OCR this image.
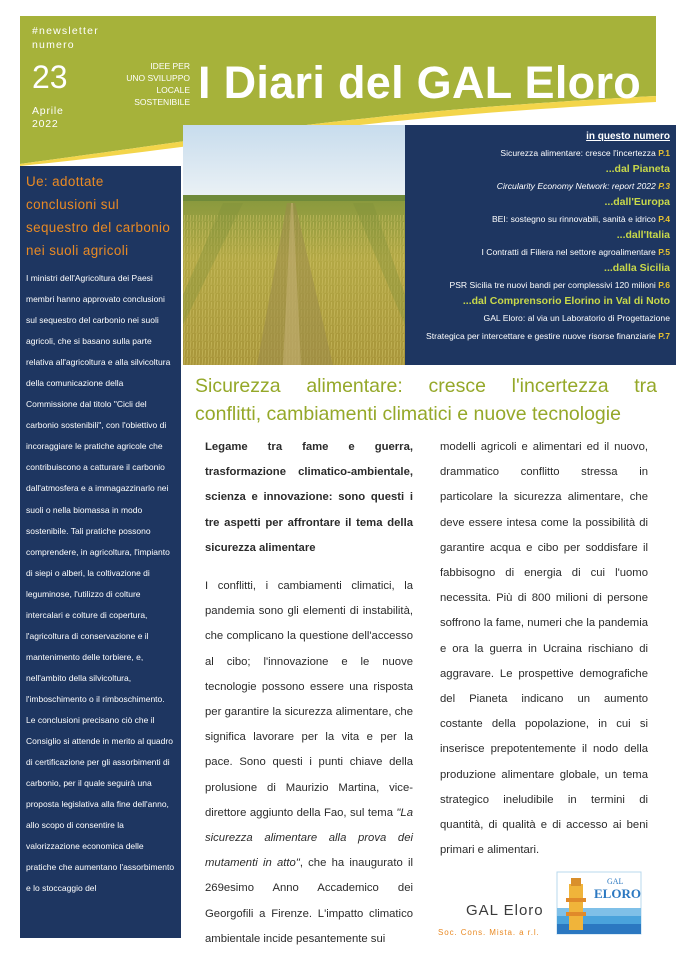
#newsletter
numero
23
Aprile
2022
IDEE PER
UNO SVILUPPO LOCALE
SOSTENIBILE I Diari del GAL Eloro
in questo numero
Sicurezza alimentare: cresce l'incertezza P.1
...dal Pianeta
Circularity Economy Network: report 2022 P.3
...dall'Europa
BEI: sostegno su rinnovabili, sanità e idrico P.4
...dall'Italia
I Contratti di Filiera nel settore agroalimentare P.5
...dalla Sicilia
PSR Sicilia tre nuovi bandi per complessivi 120 milioni P.6
...dal Comprensorio Elorino in Val di Noto
GAL Eloro: al via un Laboratorio di Progettazione
Strategica per intercettare e gestire nuove risorse finanziarie P.7
Ue: adottate conclusioni sul sequestro del carbonio nei suoli agricoli
I ministri dell'Agricoltura dei Paesi membri hanno approvato conclusioni sul sequestro del carbonio nei suoli agricoli, che si basano sulla parte relativa all'agricoltura e alla silvicoltura della comunicazione della Commissione dal titolo "Cicli del carbonio sostenibili", con l'obiettivo di incoraggiare le pratiche agricole che contribuiscono a catturare il carbonio dall'atmosfera e a immagazzinarlo nei suoli o nella biomassa in modo sostenibile. Tali pratiche possono comprendere, in agricoltura, l'impianto di siepi o alberi, la coltivazione di leguminose, l'utilizzo di colture intercalari e colture di copertura, l'agricoltura di conservazione e il mantenimento delle torbiere, e, nell'ambito della silvicoltura, l'imboschimento o il rimboschimento. Le conclusioni precisano ciò che il Consiglio si attende in merito al quadro di certificazione per gli assorbimenti di carbonio, per il quale seguirà una proposta legislativa alla fine dell'anno, allo scopo di consentire la valorizzazione economica delle pratiche che aumentano l'assorbimento e lo stoccaggio del
Sicurezza alimentare: cresce l'incertezza tra
conflitti, cambiamenti climatici e nuove tecnologie
Legame tra fame e guerra, trasformazione climatico-ambientale, scienza e innovazione: sono questi i tre aspetti per affrontare il tema della sicurezza alimentare
I conflitti, i cambiamenti climatici, la pandemia sono gli elementi di instabilità, che complicano la questione dell'accesso al cibo; l'innovazione e le nuove tecnologie possono essere una risposta per garantire la sicurezza alimentare, che significa lavorare per la vita e per la pace. Sono questi i punti chiave della prolusione di Maurizio Martina, vice-direttore aggiunto della Fao, sul tema "La sicurezza alimentare alla prova dei mutamenti in atto", che ha inaugurato il 269esimo Anno Accademico dei Georgofili a Firenze. L'impatto climatico ambientale incide pesantemente sui
modelli agricoli e alimentari ed il nuovo, drammatico conflitto stressa in particolare la sicurezza alimentare, che deve essere intesa come la possibilità di garantire acqua e cibo per soddisfare il fabbisogno di energia di cui l'uomo necessita. Più di 800 milioni di persone soffrono la fame, numeri che la pandemia e ora la guerra in Ucraina rischiano di aggravare. Le prospettive demografiche del Pianeta indicano un aumento costante della popolazione, in cui si inserisce prepotentemente il nodo della produzione alimentare globale, un tema strategico ineludibile in termini di quantità, di qualità e di accesso ai beni primari e alimentari.
GAL Eloro
Soc. Cons. Mista. a r.l.
GAL
ELORO
